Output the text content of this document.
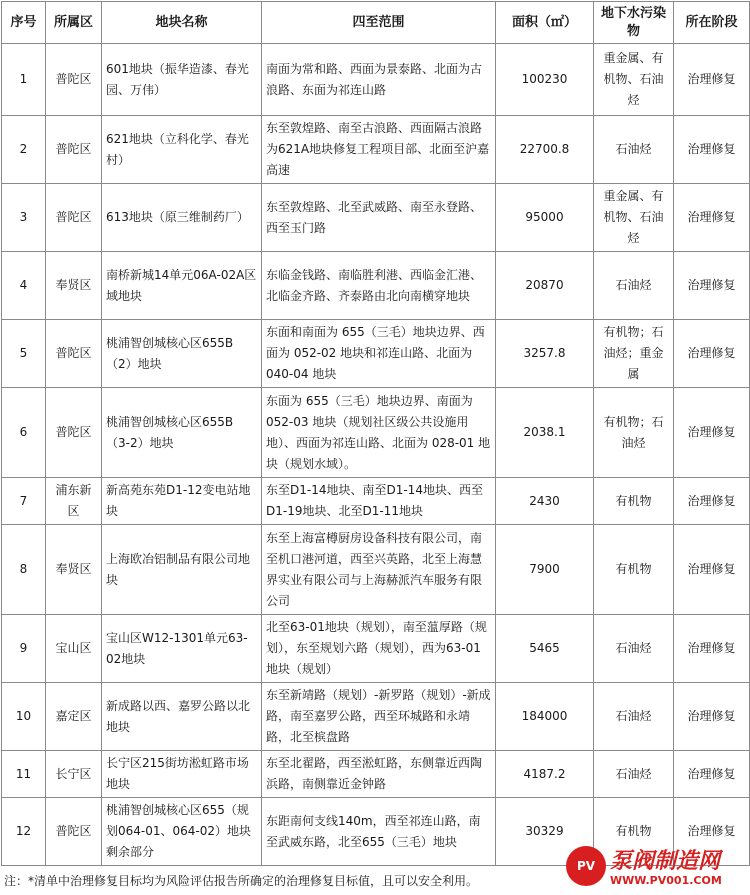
序号	所属区	地块名称	四至范围	面积（㎡）	地下水污染物	所在阶段
1	普陀区	601地块（振华造漆、春光园、万伟）	南面为常和路、西面为景泰路、北面为古浪路、东面为祁连山路	100230	重金属、有机物、石油烃	治理修复
2	普陀区	621地块（立科化学、春光村）	东至敦煌路、南至古浪路、西面隔古浪路为621A地块修复工程项目部、北面至沪嘉高速	22700.8	石油烃	治理修复
3	普陀区	613地块（原三维制药厂）	东至敦煌路、北至武威路、南至永登路、西至玉门路	95000	重金属、有机物、石油烃	治理修复
4	奉贤区	南桥新城14单元06A-02A区域地块	东临金钱路、南临胜利港、西临金汇港、北临金齐路、齐泰路由北向南横穿地块	20870	石油烃	治理修复
5	普陀区	桃浦智创城核心区655B（2）地块	东面和南面为 655（三毛）地块边界、西面为 052-02 地块和祁连山路、北面为 040-04 地块	3257.8	有机物；石油烃；重金属	治理修复
6	普陀区	桃浦智创城核心区655B（3-2）地块	东面为 655（三毛）地块边界、南面为 052-03 地块（规划社区级公共设施用地）、西面为祁连山路、北面为 028-01 地块（规划水域）。	2038.1	有机物；石油烃	治理修复
7	浦东新区	新高苑东苑D1-12变电站地块	东至D1-14地块、南至D1-14地块、西至D1-19地块、北至D1-11地块	2430	有机物	治理修复
8	奉贤区	上海欧冶铝制品有限公司地块	东至上海富樽厨房设备科技有限公司，南至机口港河道，西至兴英路，北至上海慧界实业有限公司与上海赫派汽车服务有限公司	7900	有机物	治理修复
9	宝山区	宝山区W12-1301单元63-02地块	北至63-01地块（规划），南至蕰厚路（规划），东至规划六路（规划），西为63-01地块（规划）	5465	石油烃	治理修复
10	嘉定区	新成路以西、嘉罗公路以北地块	东至新靖路（规划）-新罗路（规划）-新成路，南至嘉罗公路，西至环城路和永靖路，北至槟盘路	184000	石油烃	治理修复
11	长宁区	长宁区215街坊淞虹路市场地块	东至北翟路，西至淞虹路，东侧靠近西陶浜路，南侧靠近金钟路	4187.2	石油烃	治理修复
12	普陀区	桃浦智创城核心区655（规划064-01、064-02）地块剩余部分	东距南何支线140m，西至祁连山路，南至武威东路，北至655（三毛）地块	30329	有机物	治理修复
注：*清单中治理修复目标均为风险评估报告所确定的治理修复目标值，且可以安全利用。
PV 泵阀制造网
WWW.PV001.COM
